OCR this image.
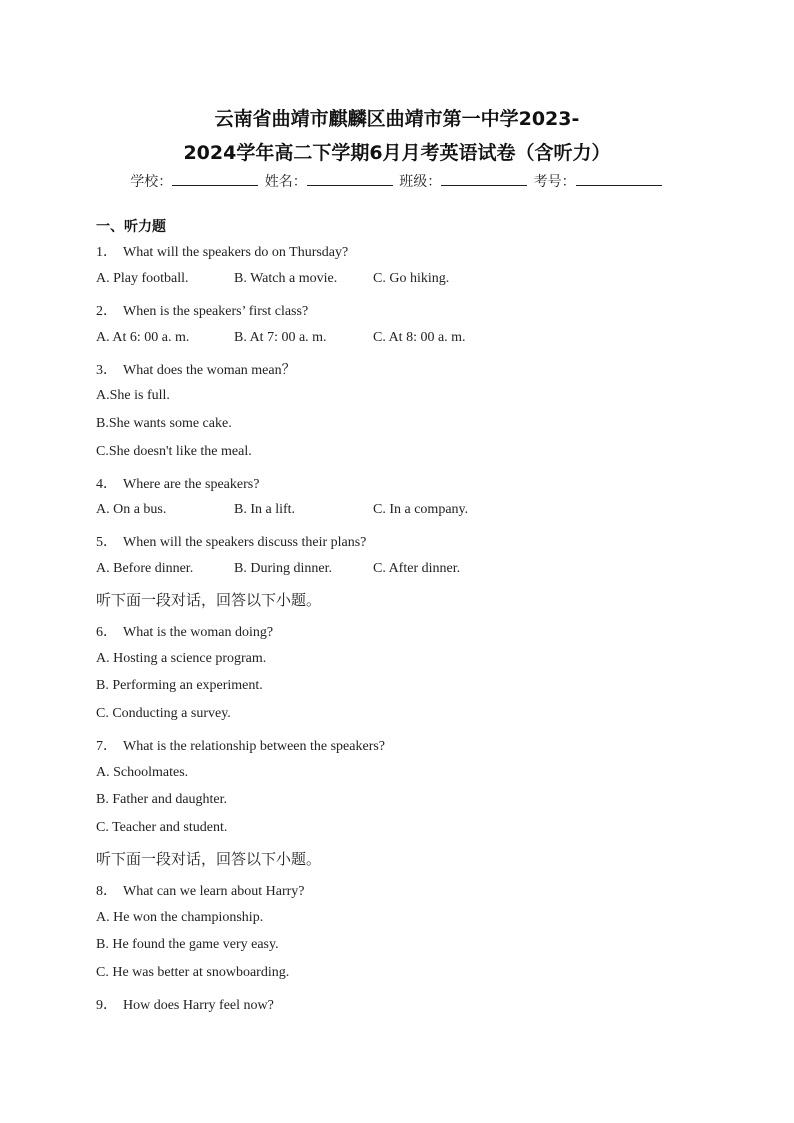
云南省曲靖市麒麟区曲靖市第一中学2023-
2024学年高二下学期6月月考英语试卷（含听力）
学校：	姓名：	班级：	考号：
一、听力题
1． What will the speakers do on Thursday?
A. Play football.	B. Watch a movie.	C. Go hiking.
2． When is the speakers’ first class?
A. At 6: 00 a. m.	B. At 7: 00 a. m.	C. At 8: 00 a. m.
3． What does the woman mean？
A.She is full.
B.She wants some cake.
C.She doesn't like the meal.
4． Where are the speakers?
A. On a bus.	B. In a lift.	C. In a company.
5． When will the speakers discuss their plans?
A. Before dinner.	B. During dinner.	C. After dinner.
听下面一段对话，回答以下小题。
6． What is the woman doing?
A. Hosting a science program.
B. Performing an experiment.
C. Conducting a survey.
7． What is the relationship between the speakers?
A. Schoolmates.
B. Father and daughter.
C. Teacher and student.
听下面一段对话，回答以下小题。
8． What can we learn about Harry?
A. He won the championship.
B. He found the game very easy.
C. He was better at snowboarding.
9． How does Harry feel now?
